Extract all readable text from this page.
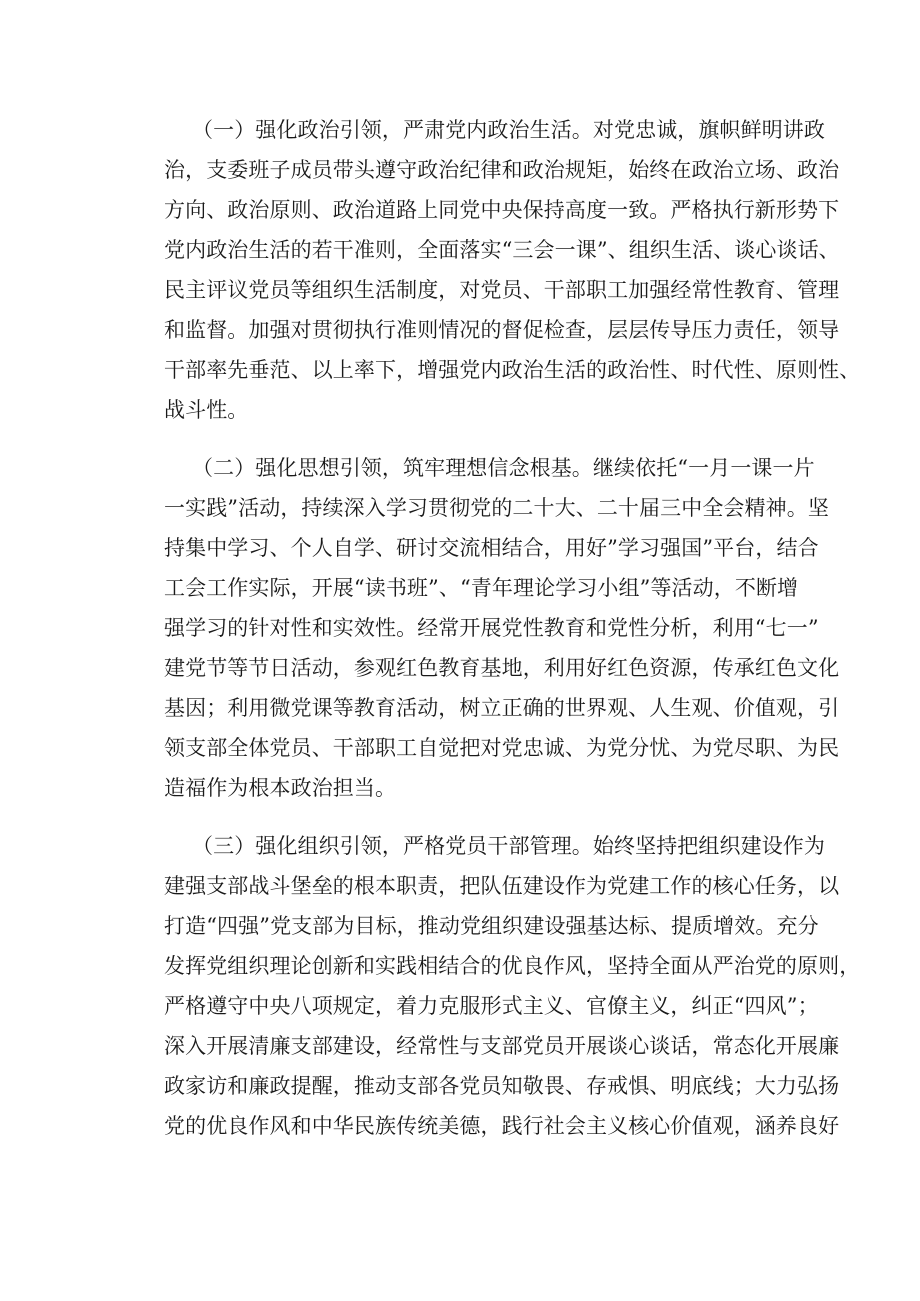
（一）强化政治引领，严肃党内政治生活。对党忠诚，旗帜鲜明讲政
治，支委班子成员带头遵守政治纪律和政治规矩，始终在政治立场、政治
方向、政治原则、政治道路上同党中央保持高度一致。严格执行新形势下
党内政治生活的若干准则，全面落实“三会一课”、组织生活、谈心谈话、
民主评议党员等组织生活制度，对党员、干部职工加强经常性教育、管理
和监督。加强对贯彻执行准则情况的督促检查，层层传导压力责任，领导
干部率先垂范、以上率下，增强党内政治生活的政治性、时代性、原则性、
战斗性。
（二）强化思想引领，筑牢理想信念根基。继续依托“一月一课一片
一实践”活动，持续深入学习贯彻党的二十大、二十届三中全会精神。坚
持集中学习、个人自学、研讨交流相结合，用好”学习强国”平台，结合
工会工作实际，开展“读书班”、“青年理论学习小组”等活动，不断增
强学习的针对性和实效性。经常开展党性教育和党性分析，利用“七一”
建党节等节日活动，参观红色教育基地，利用好红色资源，传承红色文化
基因；利用微党课等教育活动，树立正确的世界观、人生观、价值观，引
领支部全体党员、干部职工自觉把对党忠诚、为党分忧、为党尽职、为民
造福作为根本政治担当。
（三）强化组织引领，严格党员干部管理。始终坚持把组织建设作为
建强支部战斗堡垒的根本职责，把队伍建设作为党建工作的核心任务，以
打造“四强”党支部为目标，推动党组织建设强基达标、提质增效。充分
发挥党组织理论创新和实践相结合的优良作风，坚持全面从严治党的原则，
严格遵守中央八项规定，着力克服形式主义、官僚主义，纠正“四风”；
深入开展清廉支部建设，经常性与支部党员开展谈心谈话，常态化开展廉
政家访和廉政提醒，推动支部各党员知敬畏、存戒惧、明底线；大力弘扬
党的优良作风和中华民族传统美德，践行社会主义核心价值观，涵养良好
